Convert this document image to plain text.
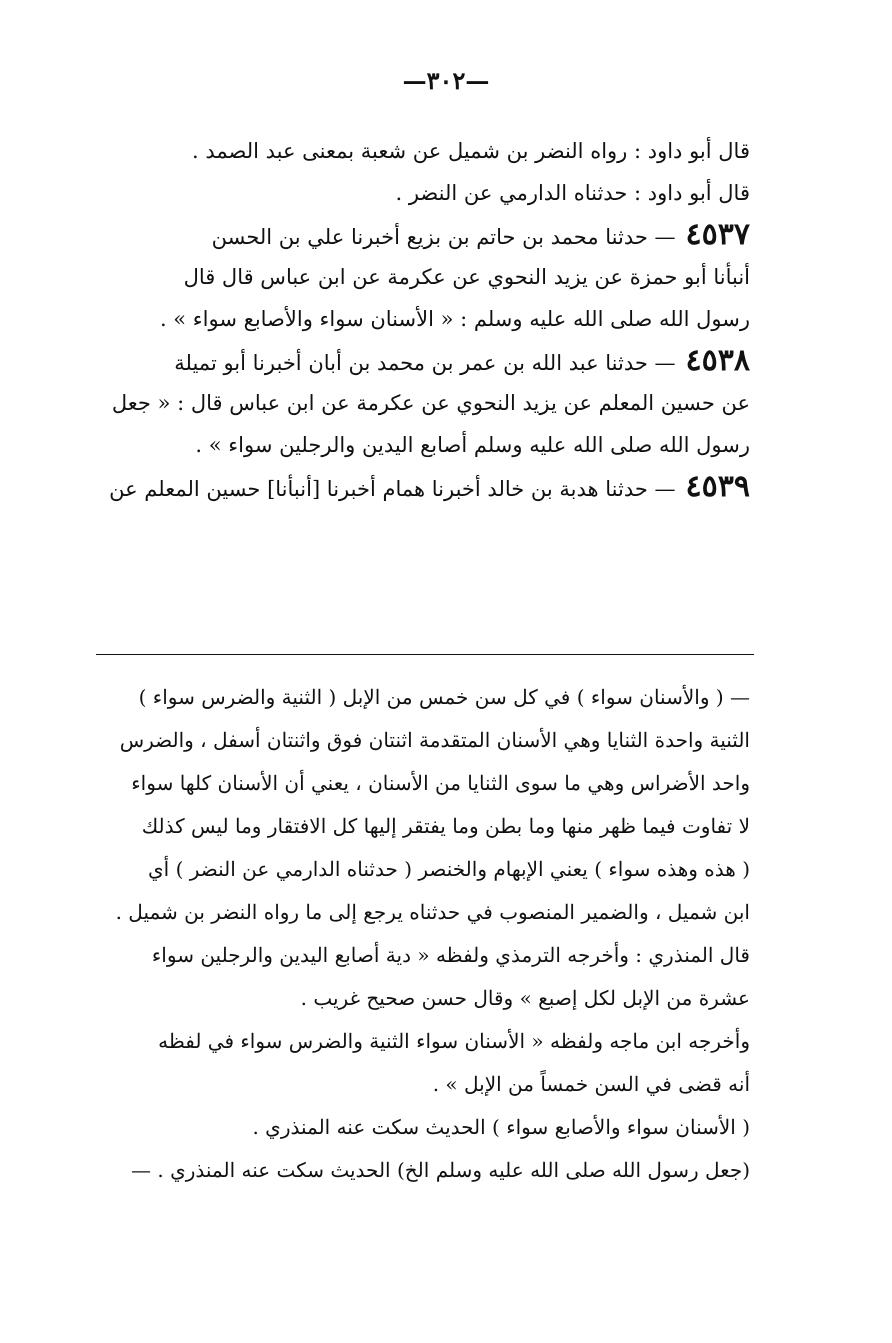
—٣٠٢—
قال أبو داود : رواه النضر بن شميل عن شعبة بمعنى عبد الصمد .
قال أبو داود : حدثناه الدارمي عن النضر .
٤٥٣٧— حدثنا محمد بن حاتم بن بزيع أخبرنا علي بن الحسن
أنبأنا أبو حمزة عن يزيد النحوي عن عكرمة عن ابن عباس قال قال
رسول الله صلى الله عليه وسلم : « الأسنان سواء والأصابع سواء » .
٤٥٣٨— حدثنا عبد الله بن عمر بن محمد بن أبان أخبرنا أبو تميلة
عن حسين المعلم عن يزيد النحوي عن عكرمة عن ابن عباس قال : « جعل
رسول الله صلى الله عليه وسلم أصابع اليدين والرجلين سواء » .
٤٥٣٩— حدثنا هدبة بن خالد أخبرنا همام أخبرنا [أنبأنا] حسين المعلم عن
— ( والأسنان سواء ) في كل سن خمس من الإبل ( الثنية والضرس سواء )
الثنية واحدة الثنايا وهي الأسنان المتقدمة اثنتان فوق واثنتان أسفل ، والضرس
واحد الأضراس وهي ما سوى الثنايا من الأسنان ، يعني أن الأسنان كلها سواء
لا تفاوت فيما ظهر منها وما بطن وما يفتقر إليها كل الافتقار وما ليس كذلك
( هذه وهذه سواء ) يعني الإبهام والخنصر ( حدثناه الدارمي عن النضر ) أي
ابن شميل ، والضمير المنصوب في حدثناه يرجع إلى ما رواه النضر بن شميل .
قال المنذري : وأخرجه الترمذي ولفظه « دية أصابع اليدين والرجلين سواء
عشرة من الإبل لكل إصبع » وقال حسن صحيح غريب .
وأخرجه ابن ماجه ولفظه « الأسنان سواء الثنية والضرس سواء في لفظه
أنه قضى في السن خمساً من الإبل » .
( الأسنان سواء والأصابع سواء ) الحديث سكت عنه المنذري .
(جعل رسول الله صلى الله عليه وسلم الخ) الحديث سكت عنه المنذري . —
